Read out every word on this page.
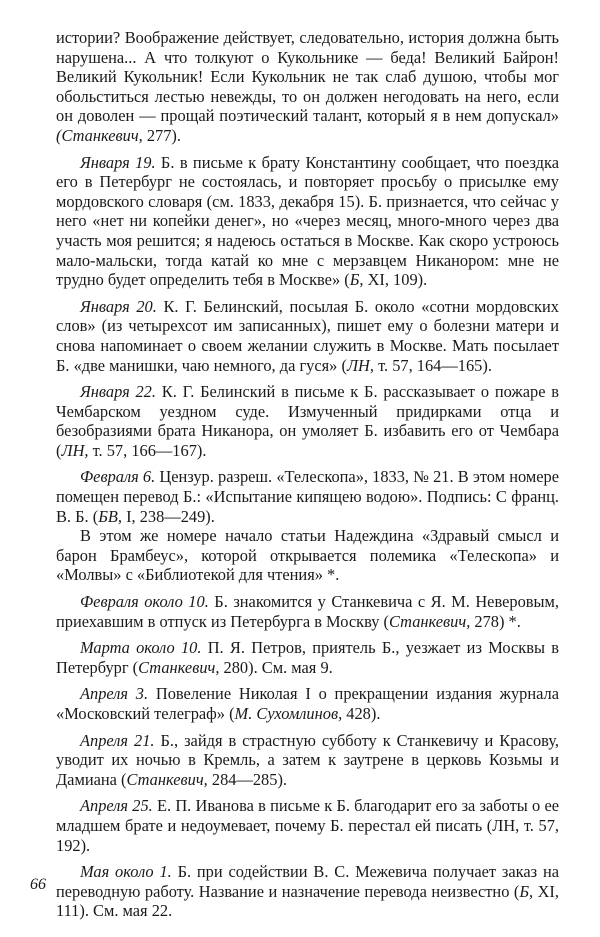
истории? Воображение действует, следовательно, история должна быть нарушена... А что толкуют о Кукольнике — беда! Великий Байрон! Великий Кукольник! Если Кукольник не так слаб душою, чтобы мог обольститься лестью невежды, то он должен негодовать на него, если он доволен — прощай поэтический талант, который я в нем допускал» (Станкевич, 277).

Января 19. Б. в письме к брату Константину сообщает, что поездка его в Петербург не состоялась, и повторяет просьбу о присылке ему мордовского словаря (см. 1833, декабря 15). Б. признается, что сейчас у него «нет ни копейки денег», но «через месяц, много-много через два участь моя решится; я надеюсь остаться в Москве. Как скоро устроюсь мало-мальски, тогда катай ко мне с мерзавцем Никанором: мне не трудно будет определить тебя в Москве» (Б, XI, 109).

Января 20. К. Г. Белинский, посылая Б. около «сотни мордовских слов» (из четырехсот им записанных), пишет ему о болезни матери и снова напоминает о своем желании служить в Москве. Мать посылает Б. «две манишки, чаю немного, да гуся» (ЛН, т. 57, 164—165).

Января 22. К. Г. Белинский в письме к Б. рассказывает о пожаре в Чембарском уездном суде. Измученный придирками отца и безобразиями брата Никанора, он умоляет Б. избавить его от Чембара (ЛН, т. 57, 166—167).

Февраля 6. Цензур. разреш. «Телескопа», 1833, № 21. В этом номере помещен перевод Б.: «Испытание кипящею водою». Подпись: С франц. В. Б. (БВ, I, 238—249).

В этом же номере начало статьи Надеждина «Здравый смысл и барон Брамбеус», которой открывается полемика «Телескопа» и «Молвы» с «Библиотекой для чтения» *.

Февраля около 10. Б. знакомится у Станкевича с Я. М. Неверовым, приехавшим в отпуск из Петербурга в Москву (Станкевич, 278) *.

Марта около 10. П. Я. Петров, приятель Б., уезжает из Москвы в Петербург (Станкевич, 280). См. мая 9.

Апреля 3. Повеление Николая I о прекращении издания журнала «Московский телеграф» (М. Сухомлинов, 428).

Апреля 21. Б., зайдя в страстную субботу к Станкевичу и Красову, уводит их ночью в Кремль, а затем к заутрене в церковь Козьмы и Дамиана (Станкевич, 284—285).

Апреля 25. Е. П. Иванова в письме к Б. благодарит его за заботы о ее младшем брате и недоумевает, почему Б. перестал ей писать (ЛН, т. 57, 192).

Мая около 1. Б. при содействии В. С. Межевича получает заказ на переводную работу. Название и назначение перевода неизвестно (Б, XI, 111). См. мая 22.

66
